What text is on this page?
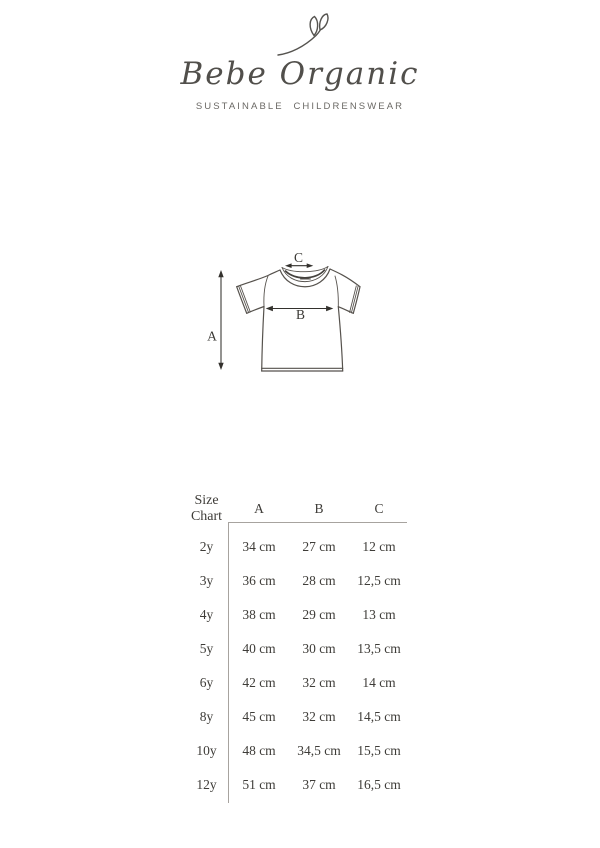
Bebe Organic
SUSTAINABLE CHILDRENSWEAR
A
B
C
Size Chart
A	B	C
2y	34 cm	27 cm	12 cm
3y	36 cm	28 cm	12,5 cm
4y	38 cm	29 cm	13 cm
5y	40 cm	30 cm	13,5 cm
6y	42 cm	32 cm	14 cm
8y	45 cm	32 cm	14,5 cm
10y	48 cm	34,5 cm	15,5 cm
12y	51 cm	37 cm	16,5 cm
